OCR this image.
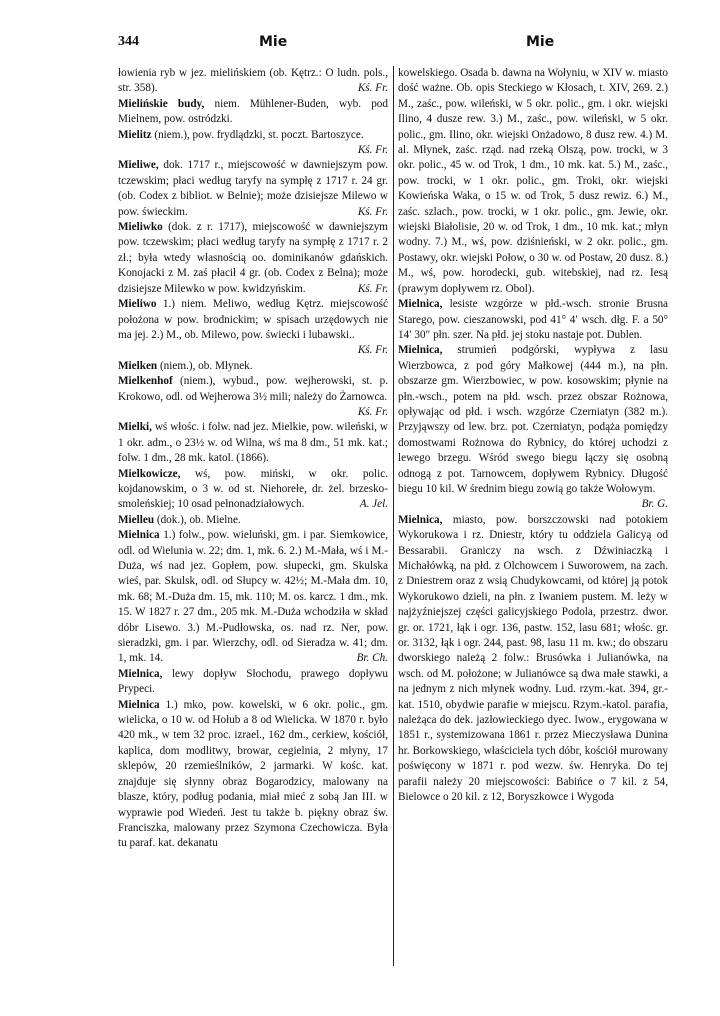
344	Mie	Mie

łowienia ryb w jez. mielińskiem (ob. Kętrz.: O ludn. pols., str. 358).	Kś. Fr.

Mielińskie budy, niem. Mühlener-Buden, wyb. pod Mielnem, pow. ostródzki.

Mielitz (niem.), pow. frydlądzki, st. poczt. Bartoszyce.
Kś. Fr.

Mieliwe, dok. 1717 r., miejscowość w dawniejszym pow. tczewskim; płaci według taryfy na sympłę z 1717 r. 24 gr. (ob. Codex z bibliot. w Belnie); może dzisiejsze Milewo w pow. świeckim.	Kś. Fr.

Mieliwko (dok. z r. 1717), miejscowość w dawniejszym pow. tczewskim; płaci według taryfy na sympłę z 1717 r. 2 zł.; była wtedy własnością oo. dominikanów gdańskich. Konojacki z M. zaś płacił 4 gr. (ob. Codex z Belna); może dzisiejsze Milewko w pow. kwidzyńskim.	Kś. Fr.

Mieliwo 1.) niem. Meliwo, według Kętrz. miejscowość położona w pow. brodnickim; w spisach urzędowych nie ma jej. 2.) M., ob. Milewo, pow. świecki i lubawski..
Kś. Fr.

Mielken (niem.), ob. Młynek.

Mielkenhof (niem.), wybud., pow. wejherowski, st. p. Krokowo, odl. od Wejherowa 3½ mili; należy do Żarnowca.
Kś. Fr.

Mielki, wś włośc. i folw. nad jez. Mielkie, pow. wileński, w 1 okr. adm., o 23½ w. od Wilna, wś ma 8 dm., 51 mk. kat.; folw. 1 dm., 28 mk. katol. (1866).

Mielkowicze, wś, pow. miński, w okr. polic. kojdanowskim, o 3 w. od st. Niehorełe, dr. żel. brzesko-smoleńskiej; 10 osad pełnonadziałowych.	A. Jel.

Mielleu (dok.), ob. Mielne.

Mielnica 1.) folw., pow. wieluński, gm. i par. Siemkowice, odl. od Wielunia w. 22; dm. 1, mk. 6. 2.) M.-Mała, wś i M.-Duża, wś nad jez. Gopłem, pow. słupecki, gm. Skulska wieś, par. Skulsk, odl. od Słupcy w. 42½; M.-Mała dm. 10, mk. 68; M.-Duża dm. 15, mk. 110; M. os. karcz. 1 dm., mk. 15. W 1827 r. 27 dm., 205 mk. M.-Duża wchodziła w skład dóbr Lisewo. 3.) M.-Pudłowska, os. nad rz. Ner, pow. sieradzki, gm. i par. Wierzchy, odl. od Sieradza w. 41; dm. 1, mk. 14.	Br. Ch.

Mielnica, lewy dopływ Słochodu, prawego dopływu Prypeci.

Mielnica 1.) mko, pow. kowelski, w 6 okr. polic., gm. wielicka, o 10 w. od Hołub a 8 od Wielicka. W 1870 r. było 420 mk., w tem 32 proc. izrael., 162 dm., cerkiew, kościół, kaplica, dom modlitwy, browar, cegielnia, 2 młyny, 17 sklepów, 20 rzemieślników, 2 jarmarki. W kośc. kat. znajduje się słynny obraz Bogarodzicy, malowany na blasze, który, podług podania, miał mieć z sobą Jan III. w wyprawie pod Wiedeń. Jest tu także b. piękny obraz św. Franciszka, malowany przez Szymona Czechowicza. Była tu paraf. kat. dekanatu

kowelskiego. Osada b. dawna na Wołyniu, w XIV w. miasto dość ważne. Ob. opis Steckiego w Kłosach, t. XIV, 269. 2.) M., zaśc., pow. wileński, w 5 okr. polic., gm. i okr. wiejski Ilino, 4 dusze rew. 3.) M., zaśc., pow. wileński, w 5 okr. polic., gm. Ilino, okr. wiejski Onżadowo, 8 dusz rew. 4.) M. al. Młynek, zaśc. rząd. nad rzeką Olszą, pow. trocki, w 3 okr. polic., 45 w. od Trok, 1 dm., 10 mk. kat. 5.) M., zaśc., pow. trocki, w 1 okr. polic., gm. Troki, okr. wiejski Kowieńska Waka, o 15 w. od Trok, 5 dusz rewiz. 6.) M., zaśc. szlach., pow. trocki, w 1 okr. polic., gm. Jewie, okr. wiejski Białolisie, 20 w. od Trok, 1 dm., 10 mk. kat.; młyn wodny. 7.) M., wś, pow. dziśnieński, w 2 okr. polic., gm. Postawy, okr. wiejski Połow, o 30 w. od Postaw, 20 dusz. 8.) M., wś, pow. horodecki, gub. witebskiej, nad rz. Iesą (prawym dopływem rz. Obol).

Mielnica, lesiste wzgórze w płd.-wsch. stronie Brusna Starego, pow. cieszanowski, pod 41° 4′ wsch. dłg. F. a 50° 14′ 30″ płn. szer. Na płd. jej stoku nastaje pot. Dublen.

Mielnica, strumień podgórski, wypływa z lasu Wierzbowca, z pod góry Małkowej (444 m.), na płn. obszarze gm. Wierzbowiec, w pow. kosowskim; płynie na płn.-wsch., potem na płd. wsch. przez obszar Rożnowa, opływając od płd. i wsch. wzgórze Czerniatyn (382 m.). Przyjąwszy od lew. brz. pot. Czerniatyn, podąża pomiędzy domostwami Rożnowa do Rybnicy, do której uchodzi z lewego brzegu. Wśród swego biegu łączy się osobną odnogą z pot. Tarnowcem, dopływem Rybnicy. Długość biegu 10 kil. W średnim biegu zowią go także Wołowym.
Br. G.

Mielnica, miasto, pow. borszczowski nad potokiem Wykorukowa i rz. Dniestr, który tu oddziela Galicyą od Bessarabii. Graniczy na wsch. z Dźwiniaczką i Michałówką, na płd. z Olchowcem i Suworowem, na zach. z Dniestrem oraz z wsią Chudykowcami, od której ją potok Wykorukowo dzieli, na płn. z Iwaniem pustem. M. leży w najżyźniejszej części galicyjskiego Podola, przestrz. dwor. gr. or. 1721, łąk i ogr. 136, pastw. 152, lasu 681; włośc. gr. or. 3132, łąk i ogr. 244, past. 98, lasu 11 m. kw.; do obszaru dworskiego należą 2 folw.: Brusówka i Julianówka, na wsch. od M. położone; w Julianówce są dwa małe stawki, a na jednym z nich młynek wodny. Lud. rzym.-kat. 394, gr.-kat. 1510, obydwie parafie w miejscu. Rzym.-katol. parafia, należąca do dek. jazłowieckiego dyec. lwow., erygowana w 1851 r., systemizowana 1861 r. przez Mieczysława Dunina hr. Borkowskiego, właściciela tych dóbr, kościół murowany poświęcony w 1871 r. pod wezw. św. Henryka. Do tej parafii należy 20 miejscowości: Babińce o 7 kil. z 54, Bielowce o 20 kil. z 12, Boryszkowce i Wygoda
